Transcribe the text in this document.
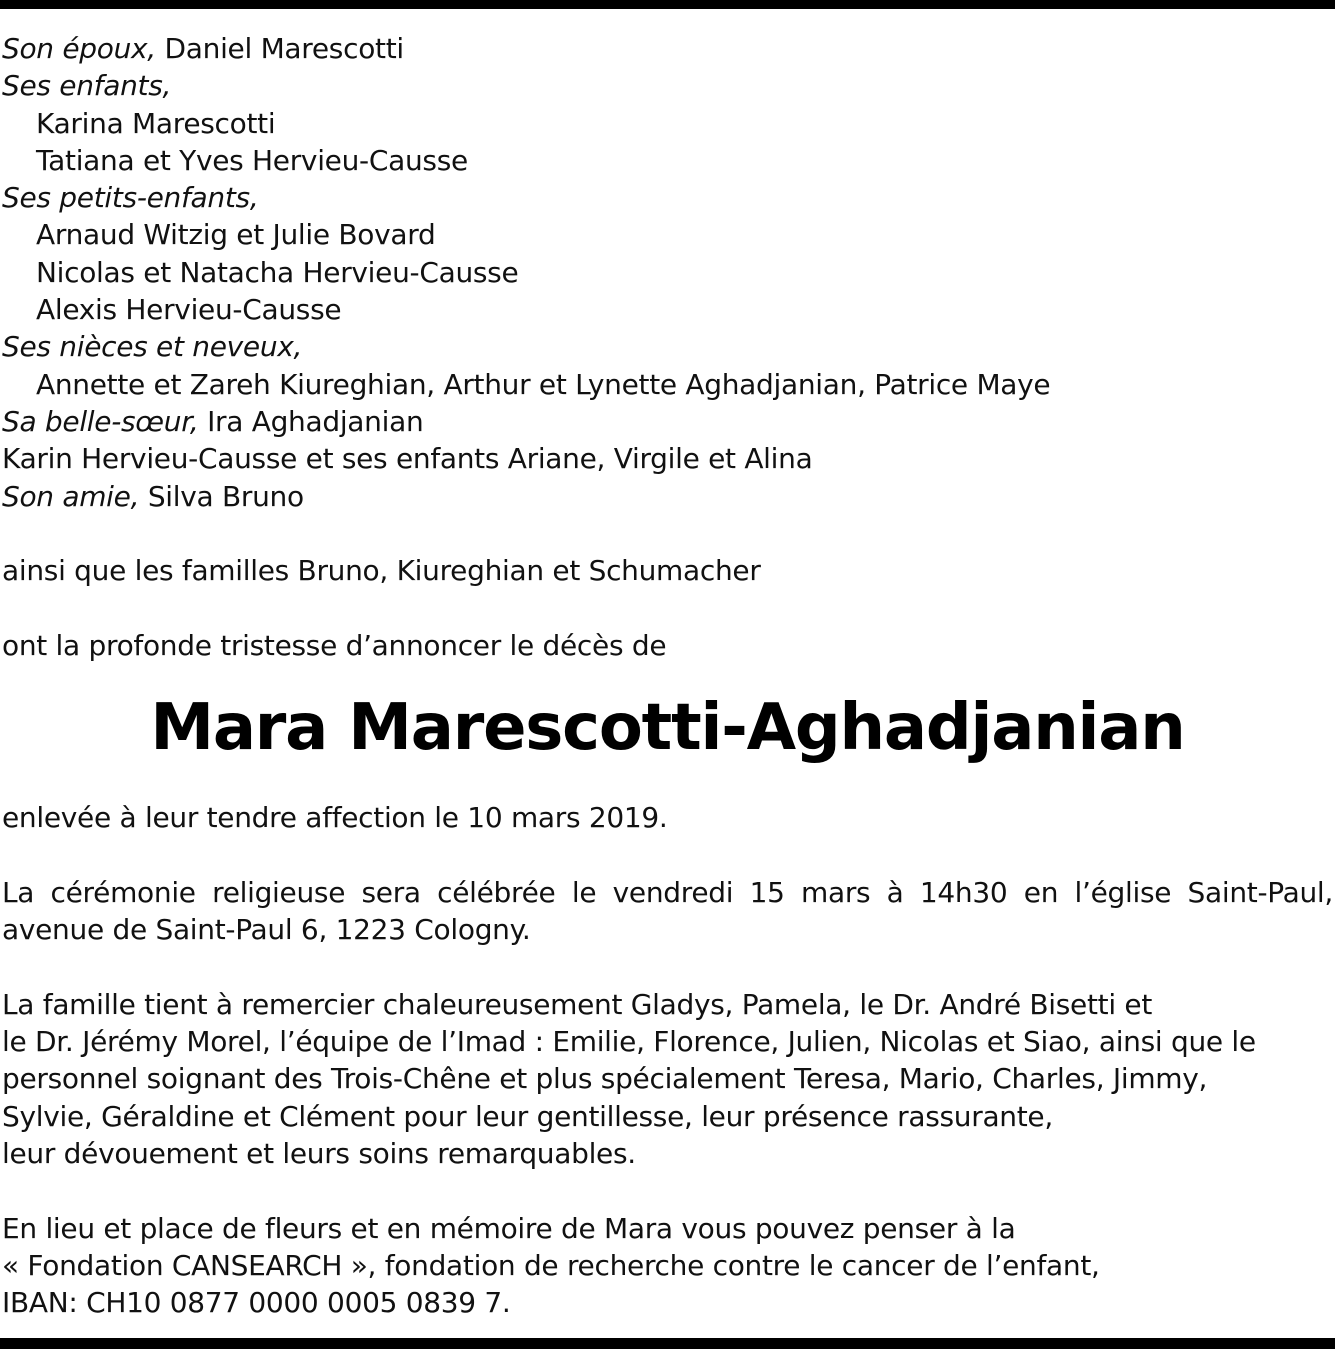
Son époux, Daniel Marescotti
Ses enfants,
Karina Marescotti
Tatiana et Yves Hervieu-Causse
Ses petits-enfants,
Arnaud Witzig et Julie Bovard
Nicolas et Natacha Hervieu-Causse
Alexis Hervieu-Causse
Ses nièces et neveux,
Annette et Zareh Kiureghian, Arthur et Lynette Aghadjanian, Patrice Maye
Sa belle-sœur, Ira Aghadjanian
Karin Hervieu-Causse et ses enfants Ariane, Virgile et Alina
Son amie, Silva Bruno
ainsi que les familles Bruno, Kiureghian et Schumacher
ont la profonde tristesse d’annoncer le décès de
Mara Marescotti-Aghadjanian
enlevée à leur tendre affection le 10 mars 2019.
La cérémonie religieuse sera célébrée le vendredi 15 mars à 14h30 en l’église Saint-Paul,
avenue de Saint-Paul 6, 1223 Cologny.
La famille tient à remercier chaleureusement Gladys, Pamela, le Dr. André Bisetti et
le Dr. Jérémy Morel, l’équipe de l’Imad : Emilie, Florence, Julien, Nicolas et Siao, ainsi que le
personnel soignant des Trois-Chêne et plus spécialement Teresa, Mario, Charles, Jimmy,
Sylvie, Géraldine et Clément pour leur gentillesse, leur présence rassurante,
leur dévouement et leurs soins remarquables.
En lieu et place de fleurs et en mémoire de Mara vous pouvez penser à la
« Fondation CANSEARCH », fondation de recherche contre le cancer de l’enfant,
IBAN: CH10 0877 0000 0005 0839 7.
